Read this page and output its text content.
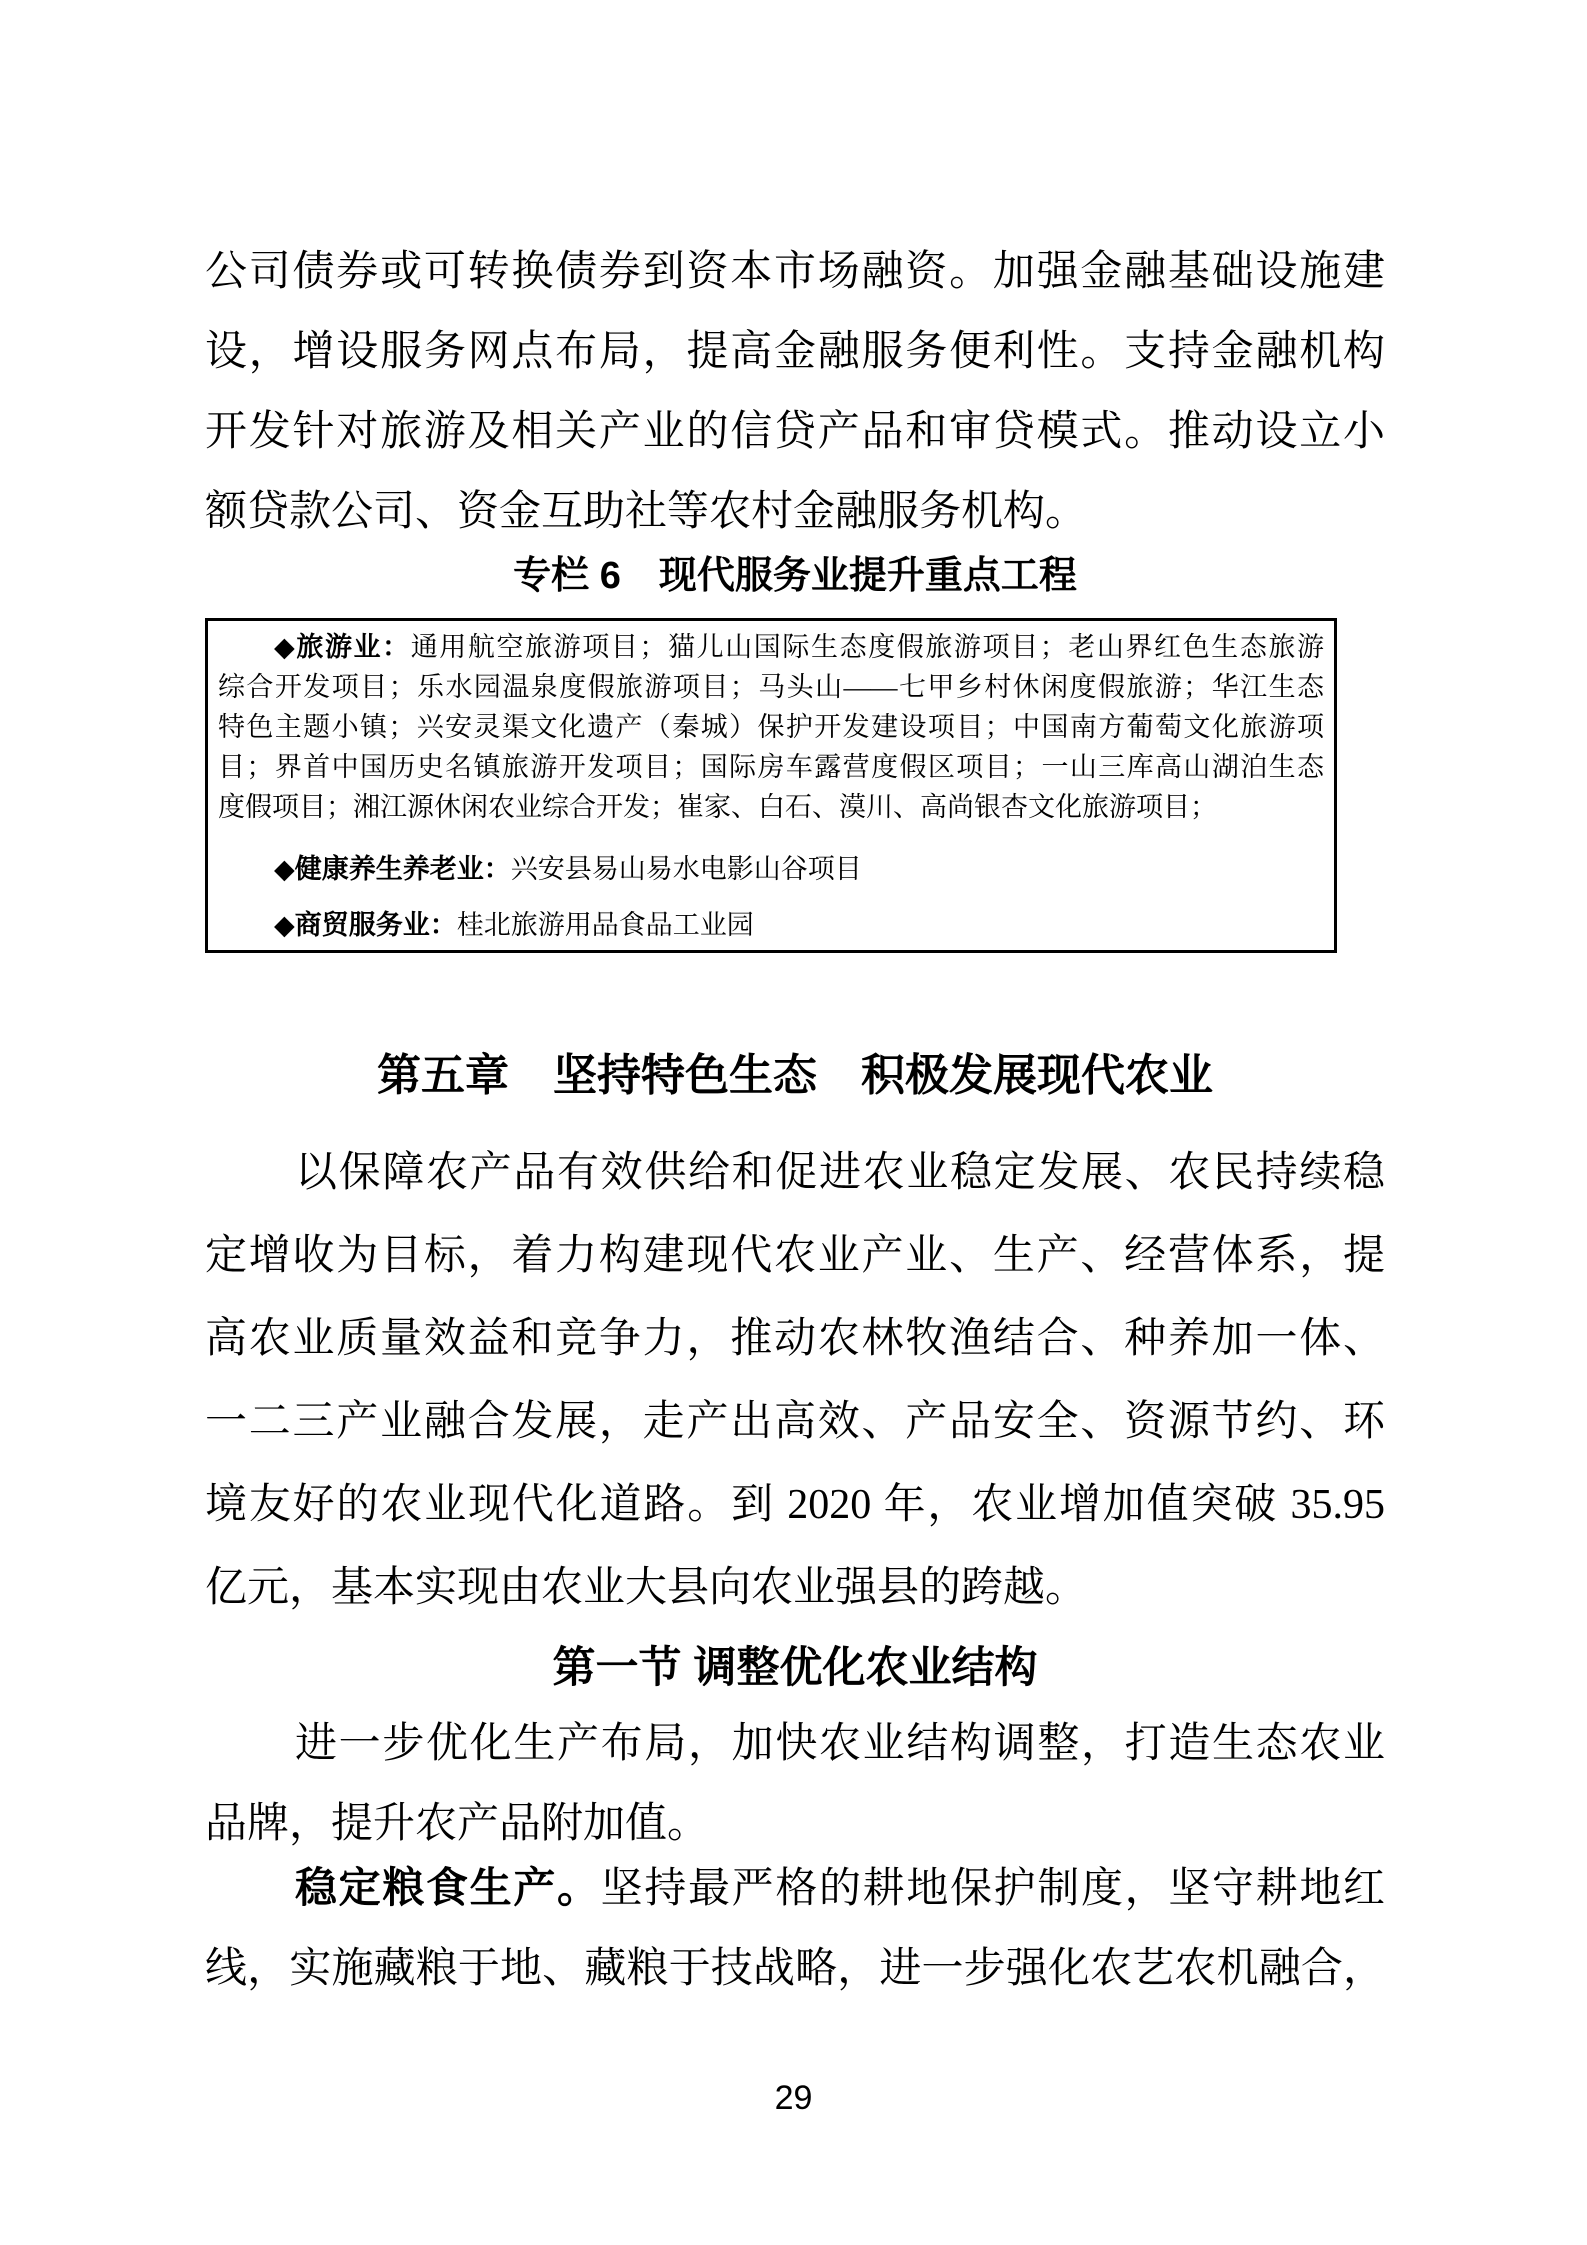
公司债券或可转换债券到资本市场融资。加强金融基础设施建
设，增设服务网点布局，提高金融服务便利性。支持金融机构
开发针对旅游及相关产业的信贷产品和审贷模式。推动设立小
额贷款公司、资金互助社等农村金融服务机构。
专栏 6　现代服务业提升重点工程
◆旅游业：通用航空旅游项目；猫儿山国际生态度假旅游项目；老山界红色生态旅游
综合开发项目；乐水园温泉度假旅游项目；马头山——七甲乡村休闲度假旅游；华江生态
特色主题小镇；兴安灵渠文化遗产（秦城）保护开发建设项目；中国南方葡萄文化旅游项
目；界首中国历史名镇旅游开发项目；国际房车露营度假区项目；一山三库高山湖泊生态
度假项目；湘江源休闲农业综合开发；崔家、白石、漠川、高尚银杏文化旅游项目；
◆健康养生养老业：兴安县易山易水电影山谷项目
◆商贸服务业：桂北旅游用品食品工业园
第五章　坚持特色生态　积极发展现代农业
以保障农产品有效供给和促进农业稳定发展、农民持续稳
定增收为目标，着力构建现代农业产业、生产、经营体系，提
高农业质量效益和竞争力，推动农林牧渔结合、种养加一体、
一二三产业融合发展，走产出高效、产品安全、资源节约、环
境友好的农业现代化道路。到 2020 年，农业增加值突破 35.95
亿元，基本实现由农业大县向农业强县的跨越。
第一节 调整优化农业结构
进一步优化生产布局，加快农业结构调整，打造生态农业
品牌，提升农产品附加值。
稳定粮食生产。坚持最严格的耕地保护制度，坚守耕地红
线，实施藏粮于地、藏粮于技战略，进一步强化农艺农机融合，
29
